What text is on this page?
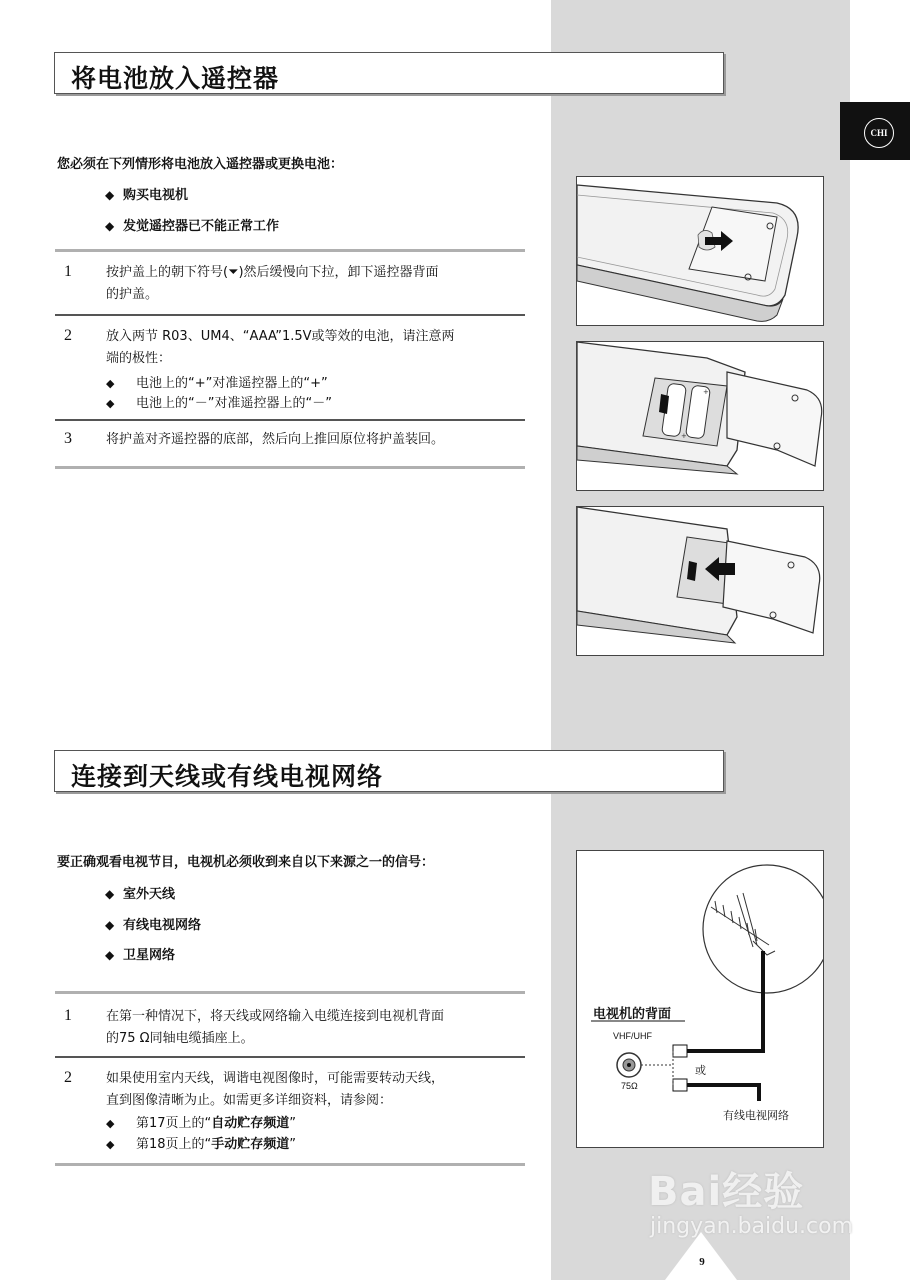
CHI
将电池放入遥控器
您必须在下列情形将电池放入遥控器或更换电池：
◆ 购买电视机
◆ 发觉遥控器已不能正常工作
1	按护盖上的朝下符号(⏷)然后缓慢向下拉，卸下遥控器背面
的护盖。
2	放入两节 R03、UM4、“AAA”1.5V或等效的电池，请注意两
端的极性：
◆ 电池上的“+”对准遥控器上的“+”
◆ 电池上的“－”对准遥控器上的“－”
3	将护盖对齐遥控器的底部，然后向上推回原位将护盖装回。
+
+
连接到天线或有线电视网络
要正确观看电视节目，电视机必须收到来自以下来源之一的信号：
◆ 室外天线
◆ 有线电视网络
◆ 卫星网络
1	在第一种情况下，将天线或网络输入电缆连接到电视机背面
的75 Ω同轴电缆插座上。
2	如果使用室内天线，调谐电视图像时，可能需要转动天线，
直到图像清晰为止。如需更多详细资料，请参阅：
◆ 第17页上的“自动贮存频道”
◆ 第18页上的“手动贮存频道”
电视机的背面
VHF/UHF
75Ω
或
有线电视网络
Bai经验
jingyan.baidu.com
9
